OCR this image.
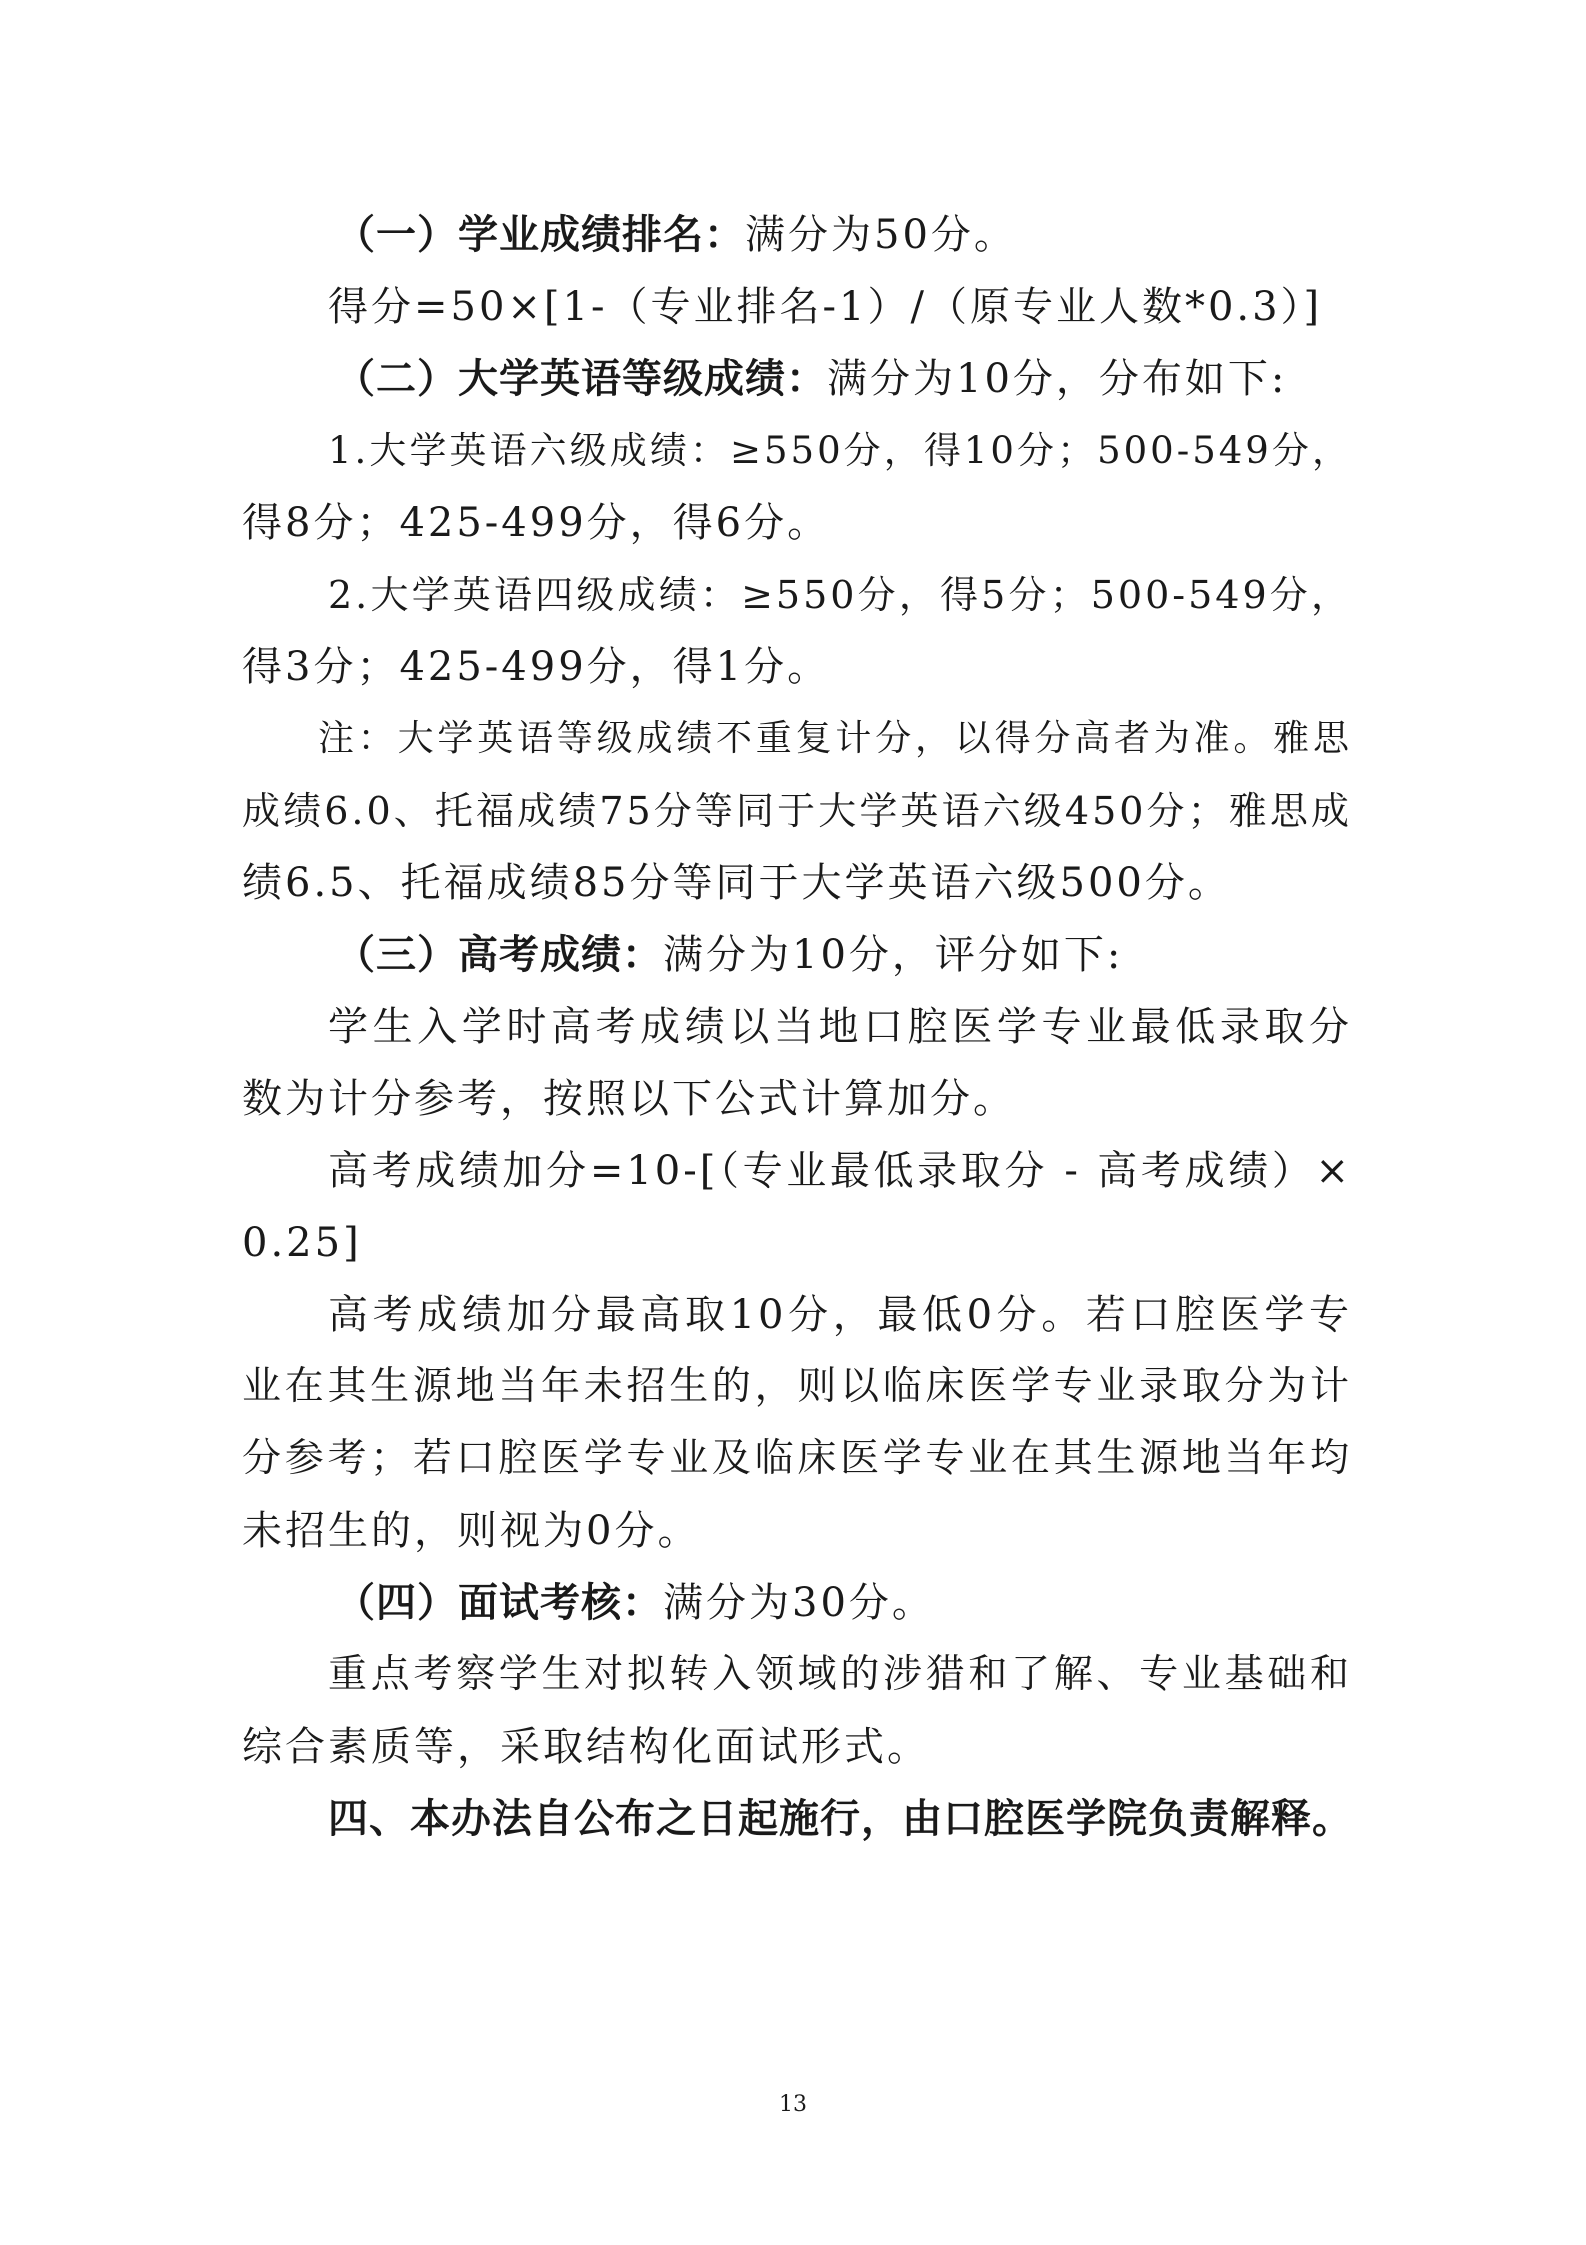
（一）学业成绩排名：满分为50分。
得分=50×[1-（专业排名-1）/（原专业人数*0.3）]
（二）大学英语等级成绩：满分为10分，分布如下:
1.大学英语六级成绩：≥550分，得10分；500-549分，
得8分；425-499分，得6分。
2.大学英语四级成绩：≥550分，得5分；500-549分，
得3分；425-499分，得1分。
注：大学英语等级成绩不重复计分，以得分高者为准。雅思
成绩6.0、托福成绩75分等同于大学英语六级450分；雅思成
绩6.5、托福成绩85分等同于大学英语六级500分。
（三）高考成绩：满分为10分，评分如下:
学生入学时高考成绩以当地口腔医学专业最低录取分
数为计分参考，按照以下公式计算加分。
高考成绩加分=10-[（专业最低录取分 - 高考成绩）×
0.25]
高考成绩加分最高取10分，最低0分。若口腔医学专
业在其生源地当年未招生的，则以临床医学专业录取分为计
分参考；若口腔医学专业及临床医学专业在其生源地当年均
未招生的，则视为0分。
（四）面试考核：满分为30分。
重点考察学生对拟转入领域的涉猎和了解、专业基础和
综合素质等，采取结构化面试形式。
四、本办法自公布之日起施行，由口腔医学院负责解释。
13
